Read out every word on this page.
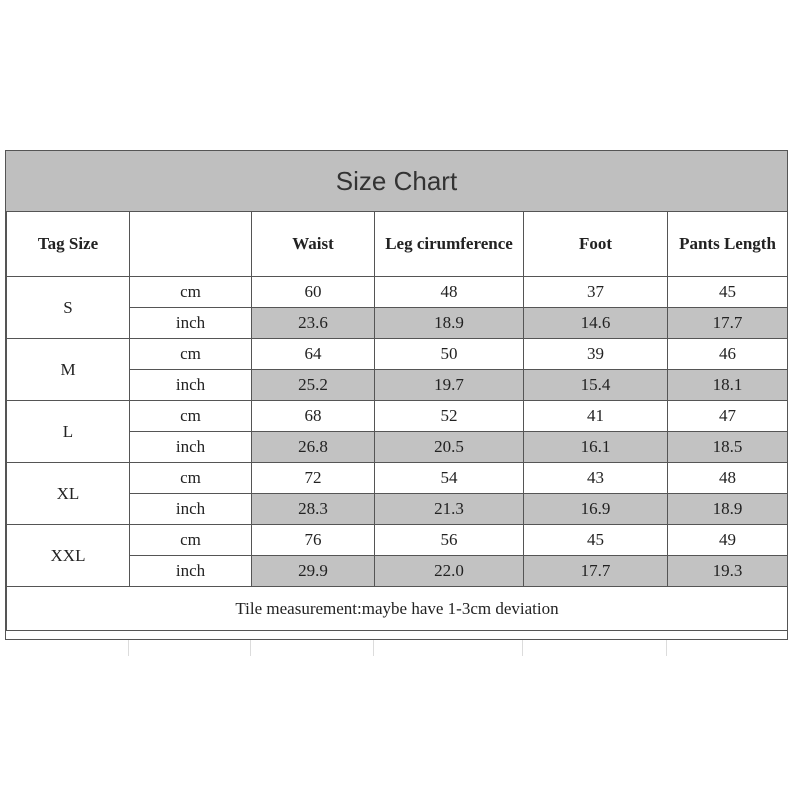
Size Chart
Tag Size		Waist	Leg cirumference	Foot	Pants Length
S	cm	60	48	37	45
	inch	23.6	18.9	14.6	17.7
M	cm	64	50	39	46
	inch	25.2	19.7	15.4	18.1
L	cm	68	52	41	47
	inch	26.8	20.5	16.1	18.5
XL	cm	72	54	43	48
	inch	28.3	21.3	16.9	18.9
XXL	cm	76	56	45	49
	inch	29.9	22.0	17.7	19.3
Tile measurement:maybe have 1-3cm deviation					
